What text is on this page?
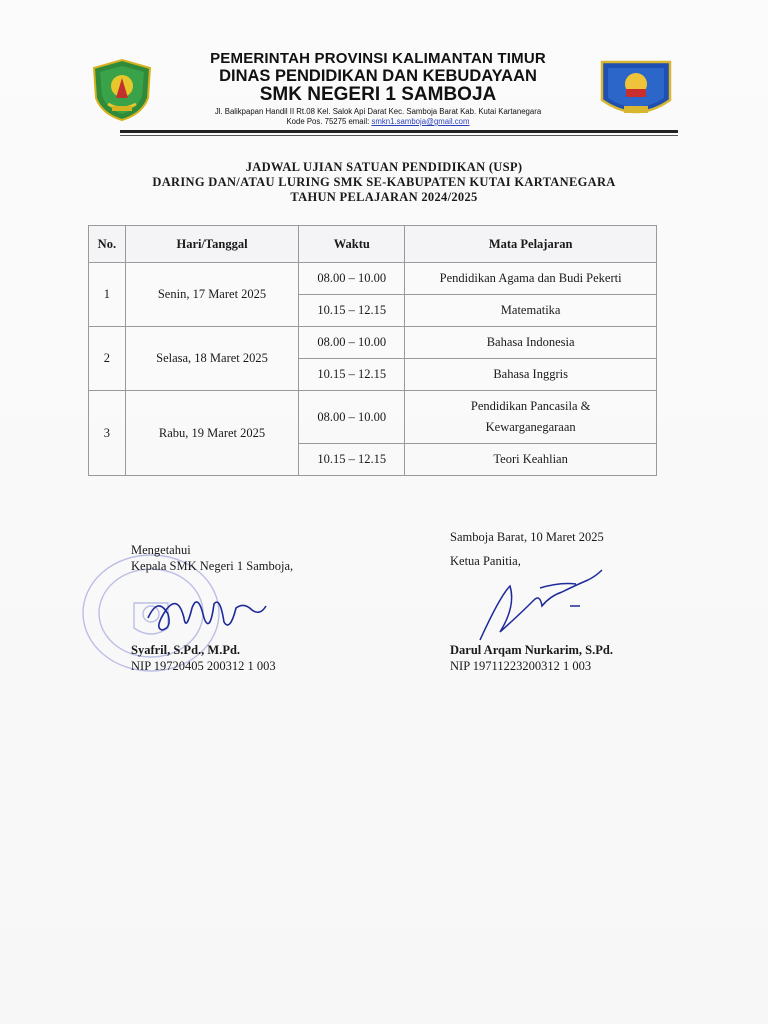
PEMERINTAH PROVINSI KALIMANTAN TIMUR
DINAS PENDIDIKAN DAN KEBUDAYAAN
SMK NEGERI 1 SAMBOJA
Jl. Balikpapan Handil II Rt.08 Kel. Salok Api Darat Kec. Samboja Barat Kab. Kutai Kartanegara
Kode Pos. 75275 email: smkn1.samboja@gmail.com
JADWAL UJIAN SATUAN PENDIDIKAN (USP)
DARING DAN/ATAU LURING SMK SE-KABUPATEN KUTAI KARTANEGARA
TAHUN PELAJARAN 2024/2025
No.	Hari/Tanggal	Waktu	Mata Pelajaran
1	Senin, 17 Maret 2025	08.00 – 10.00	Pendidikan Agama dan Budi Pekerti
		10.15 – 12.15	Matematika
2	Selasa, 18 Maret 2025	08.00 – 10.00	Bahasa Indonesia
		10.15 – 12.15	Bahasa Inggris
3	Rabu, 19 Maret 2025	08.00 – 10.00	Pendidikan Pancasila &
Kewarganegaraan

		10.15 – 12.15	Teori Keahlian
Mengetahui
Kepala SMK Negeri 1 Samboja,
Syafril, S.Pd., M.Pd.
NIP 19720405 200312 1 003
Samboja Barat, 10 Maret 2025
Ketua Panitia,
Darul Arqam Nurkarim, S.Pd.
NIP 19711223200312 1 003
